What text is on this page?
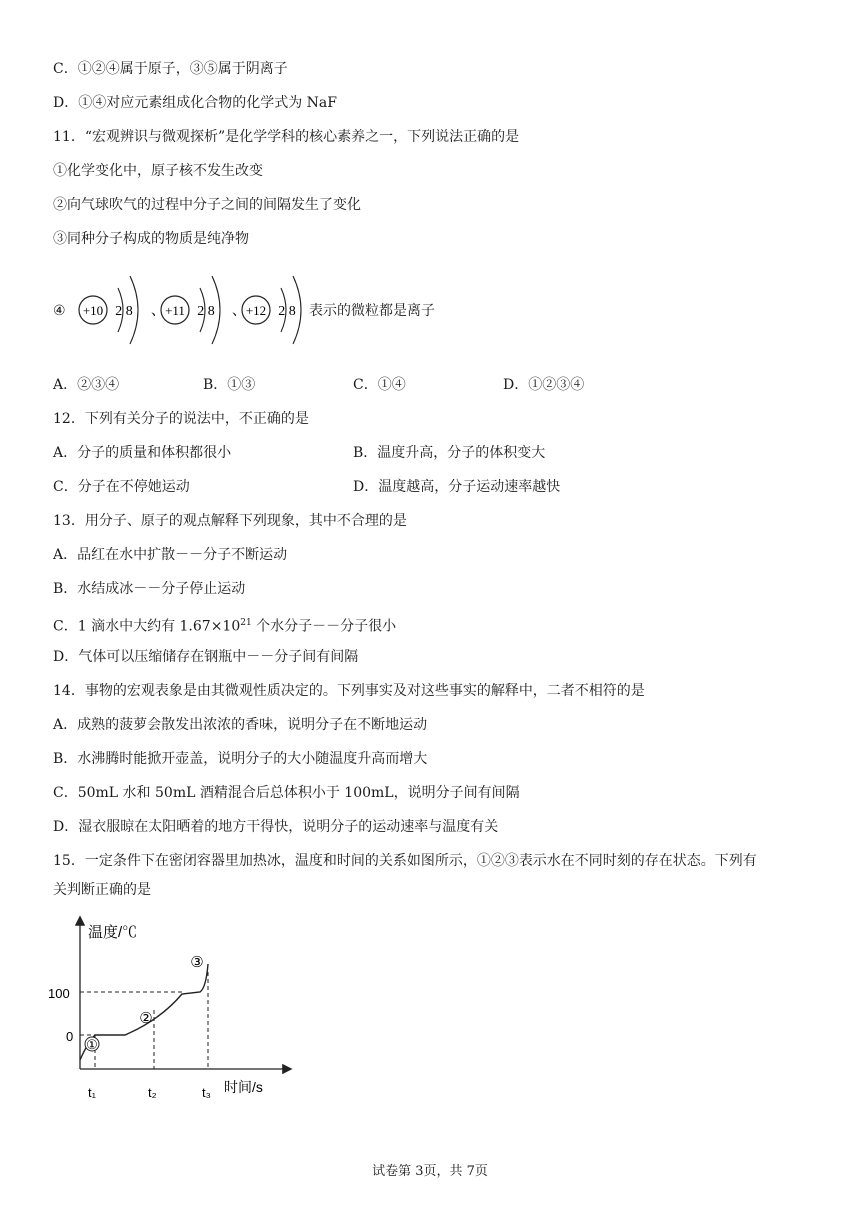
C．①②④属于原子，③⑤属于阴离子
D．①④对应元素组成化合物的化学式为 NaF
11．“宏观辨识与微观探析”是化学学科的核心素养之一，下列说法正确的是
①化学变化中，原子核不发生改变
②向气球吹气的过程中分子之间的间隔发生了变化
③同种分子构成的物质是纯净物
④ +10 2 8 、 +11 2 8 、 +12 2 8 表示的微粒都是离子
A．②③④	B．①③	C．①④	D．①②③④
12．下列有关分子的说法中，不正确的是
A．分子的质量和体积都很小	B．温度升高，分子的体积变大
C．分子在不停她运动	D．温度越高，分子运动速率越快
13．用分子、原子的观点解释下列现象，其中不合理的是
A．品红在水中扩散－－分子不断运动
B．水结成冰－－分子停止运动
C．1 滴水中大约有 $1.67\times 10^{21}$ 个水分子－－分子很小
D．气体可以压缩储存在钢瓶中－－分子间有间隔
14．事物的宏观表象是由其微观性质决定的。下列事实及对这些事实的解释中，二者不相符的是
A．成熟的菠萝会散发出浓浓的香味，说明分子在不断地运动
B．水沸腾时能掀开壶盖，说明分子的大小随温度升高而增大
C．50mL 水和 50mL 酒精混合后总体积小于 100mL，说明分子间有间隔
D．湿衣服晾在太阳晒着的地方干得快，说明分子的运动速率与温度有关
15．一定条件下在密闭容器里加热冰，温度和时间的关系如图所示，①②③表示水在不同时刻的存在状态。下列有
关判断正确的是
温度/℃
时间/s
100
0
①
②
③
t₁	t₂	t₃
试卷第 3页，共 7页
